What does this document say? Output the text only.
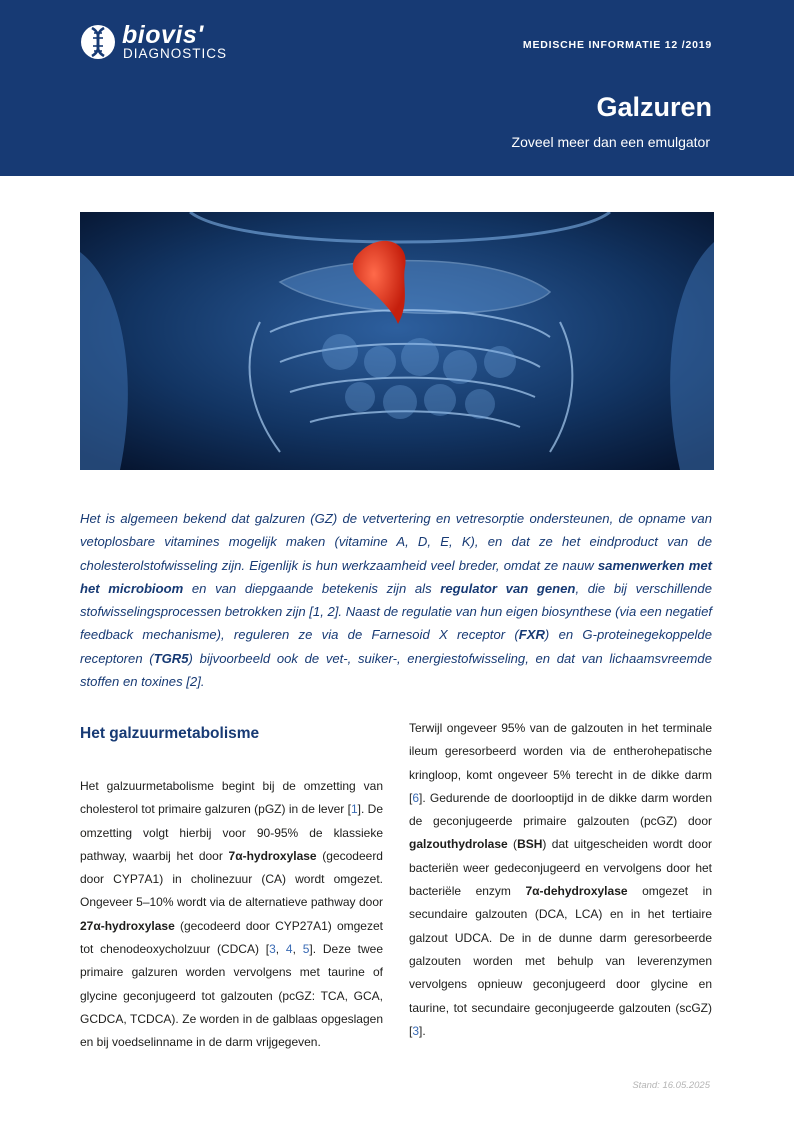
biovis'
DIAGNOSTICS
MEDISCHE INFORMATIE 12 /2019
Galzuren
Zoveel meer dan een emulgator

Het is algemeen bekend dat galzuren (GZ) de vetvertering en vetresorptie ondersteunen, de opname van vetoplosbare vitamines mogelijk maken (vitamine A, D, E, K), en dat ze het eindproduct van de cholesterolstofwisseling zijn. Eigenlijk is hun werkzaamheid veel breder, omdat ze nauw samenwerken met het microbioom en van diepgaande betekenis zijn als regulator van genen, die bij verschillende stofwisselingsprocessen betrokken zijn [1, 2]. Naast de regulatie van hun eigen biosynthese (via een negatief feedback mechanisme), reguleren ze via de Farnesoid X receptor (FXR) en G-proteinegekoppelde receptoren (TGR5) bijvoorbeeld ook de vet-, suiker-, energiestofwisseling, en dat van lichaamsvreemde stoffen en toxines [2].

Het galzuurmetabolisme

Het galzuurmetabolisme begint bij de omzetting van cholesterol tot primaire galzuren (pGZ) in de lever [1]. De omzetting volgt hierbij voor 90-95% de klassieke pathway, waarbij het door 7α-hydroxylase (gecodeerd door CYP7A1) in cholinezuur (CA) wordt omgezet. Ongeveer 5–10% wordt via de alternatieve pathway door 27α-hydroxylase (gecodeerd door CYP27A1) omgezet tot chenodeoxycholzuur (CDCA) [3, 4, 5]. Deze twee primaire galzuren worden vervolgens met taurine of glycine geconjugeerd tot galzouten (pcGZ: TCA, GCA, GCDCA, TCDCA). Ze worden in de galblaas opgeslagen en bij voedselinname in de darm vrijgegeven.

Terwijl ongeveer 95% van de galzouten in het terminale ileum geresorbeerd worden via de entherohepatische kringloop, komt ongeveer 5% terecht in de dikke darm [6]. Gedurende de doorlooptijd in de dikke darm worden de geconjugeerde primaire galzouten (pcGZ) door galzouthydrolase (BSH) dat uitgescheiden wordt door bacteriën weer gedeconjugeerd en vervolgens door het bacteriële enzym 7α-dehydroxylase omgezet in secundaire galzouten (DCA, LCA) en in het tertiaire galzout UDCA. De in de dunne darm geresorbeerde galzouten worden met behulp van leverenzymen vervolgens opnieuw geconjugeerd door glycine en taurine, tot secundaire geconjugeerde galzouten (scGZ) [3].

Stand: 16.05.2025
